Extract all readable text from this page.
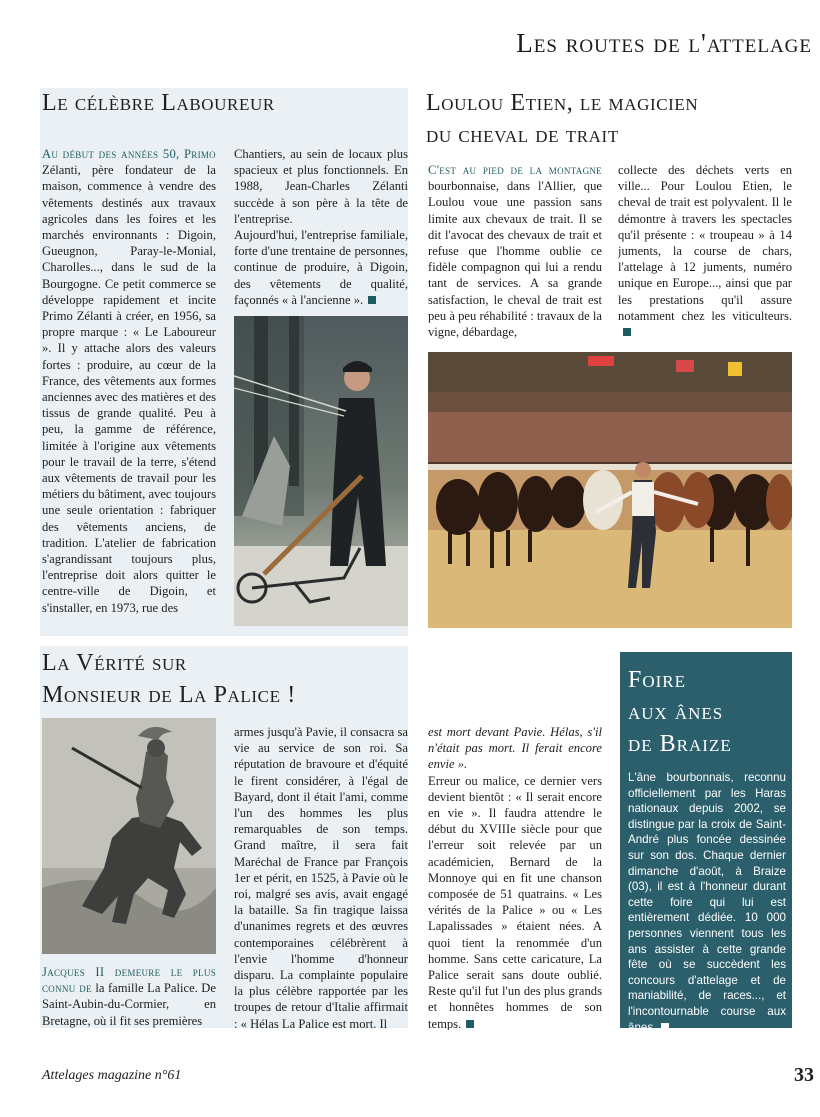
Les routes de l'attelage
Le célèbre Laboureur

Au début des années 50, Primo Zélanti, père fondateur de la maison, commence à vendre des vêtements destinés aux travaux agricoles dans les foires et les marchés environnants : Digoin, Gueugnon, Paray-le-Monial, Charolles..., dans le sud de la Bourgogne. Ce petit commerce se développe rapidement et incite Primo Zélanti à créer, en 1956, sa propre marque : « Le Laboureur ». Il y attache alors des valeurs fortes : produire, au cœur de la France, des vêtements aux formes anciennes avec des matières et des tissus de grande qualité. Peu à peu, la gamme de référence, limitée à l'origine aux vêtements pour le travail de la terre, s'étend aux vêtements de travail pour les métiers du bâtiment, avec toujours une seule orientation : fabriquer des vêtements anciens, de tradition. L'atelier de fabrication s'agrandissant toujours plus, l'entreprise doit alors quitter le centre-ville de Digoin, et s'installer, en 1973, rue des

Chantiers, au sein de locaux plus spacieux et plus fonctionnels. En 1988, Jean-Charles Zélanti succède à son père à la tête de l'entreprise.

Aujourd'hui, l'entreprise familiale, forte d'une trentaine de personnes, continue de produire, à Digoin, des vêtements de qualité, façonnés « à l'ancienne ».

Loulou Etien, le magicien
du cheval de trait

C'est au pied de la montagne bourbonnaise, dans l'Allier, que Loulou voue une passion sans limite aux chevaux de trait. Il se dit l'avocat des chevaux de trait et refuse que l'homme oublie ce fidèle compagnon qui lui a rendu tant de services. A sa grande satisfaction, le cheval de trait est peu à peu réhabilité : travaux de la vigne, débardage,

collecte des déchets verts en ville... Pour Loulou Etien, le cheval de trait est polyvalent. Il le démontre à travers les spectacles qu'il présente : « troupeau » à 14 juments, la course de chars, l'attelage à 12 juments, numéro unique en Europe..., ainsi que par les prestations qu'il assure notamment chez les viticulteurs.

La Vérité sur
Monsieur de La Palice !

Jacques II demeure le plus connu de la famille La Palice. De Saint-Aubin-du-Cormier, en Bretagne, où il fit ses premières

armes jusqu'à Pavie, il consacra sa vie au service de son roi. Sa réputation de bravoure et d'équité le firent considérer, à l'égal de Bayard, dont il était l'ami, comme l'un des hommes les plus remarquables de son temps. Grand maître, il sera fait Maréchal de France par François 1er et périt, en 1525, à Pavie où le roi, malgré ses avis, avait engagé la bataille. Sa fin tragique laissa d'unanimes regrets et des œuvres contemporaines célébrèrent à l'envie l'homme d'honneur disparu. La complainte populaire la plus célèbre rapportée par les troupes de retour d'Italie affirmait : « Hélas La Palice est mort. Il

est mort devant Pavie. Hélas, s'il n'était pas mort. Il ferait encore envie ».

Erreur ou malice, ce dernier vers devient bientôt : « Il serait encore en vie ». Il faudra attendre le début du XVIIIe siècle pour que l'erreur soit relevée par un académicien, Bernard de la Monnoye qui en fit une chanson composée de 51 quatrains. « Les vérités de la Palice » ou « Les Lapalissades » étaient nées. A quoi tient la renommée d'un homme. Sans cette caricature, La Palice serait sans doute oublié. Reste qu'il fut l'un des plus grands et honnêtes hommes de son temps.

Foire
aux ânes
de Braize
L'âne bourbonnais, reconnu officiellement par les Haras nationaux depuis 2002, se distingue par la croix de Saint-André plus foncée dessinée sur son dos. Chaque dernier dimanche d'août, à Braize (03), il est à l'honneur durant cette foire qui lui est entièrement dédiée. 10 000 personnes viennent tous les ans assister à cette grande fête où se succèdent les concours d'attelage et de maniabilité, de races..., et l'incontournable course aux ânes.
Attelages magazine n°61	33
